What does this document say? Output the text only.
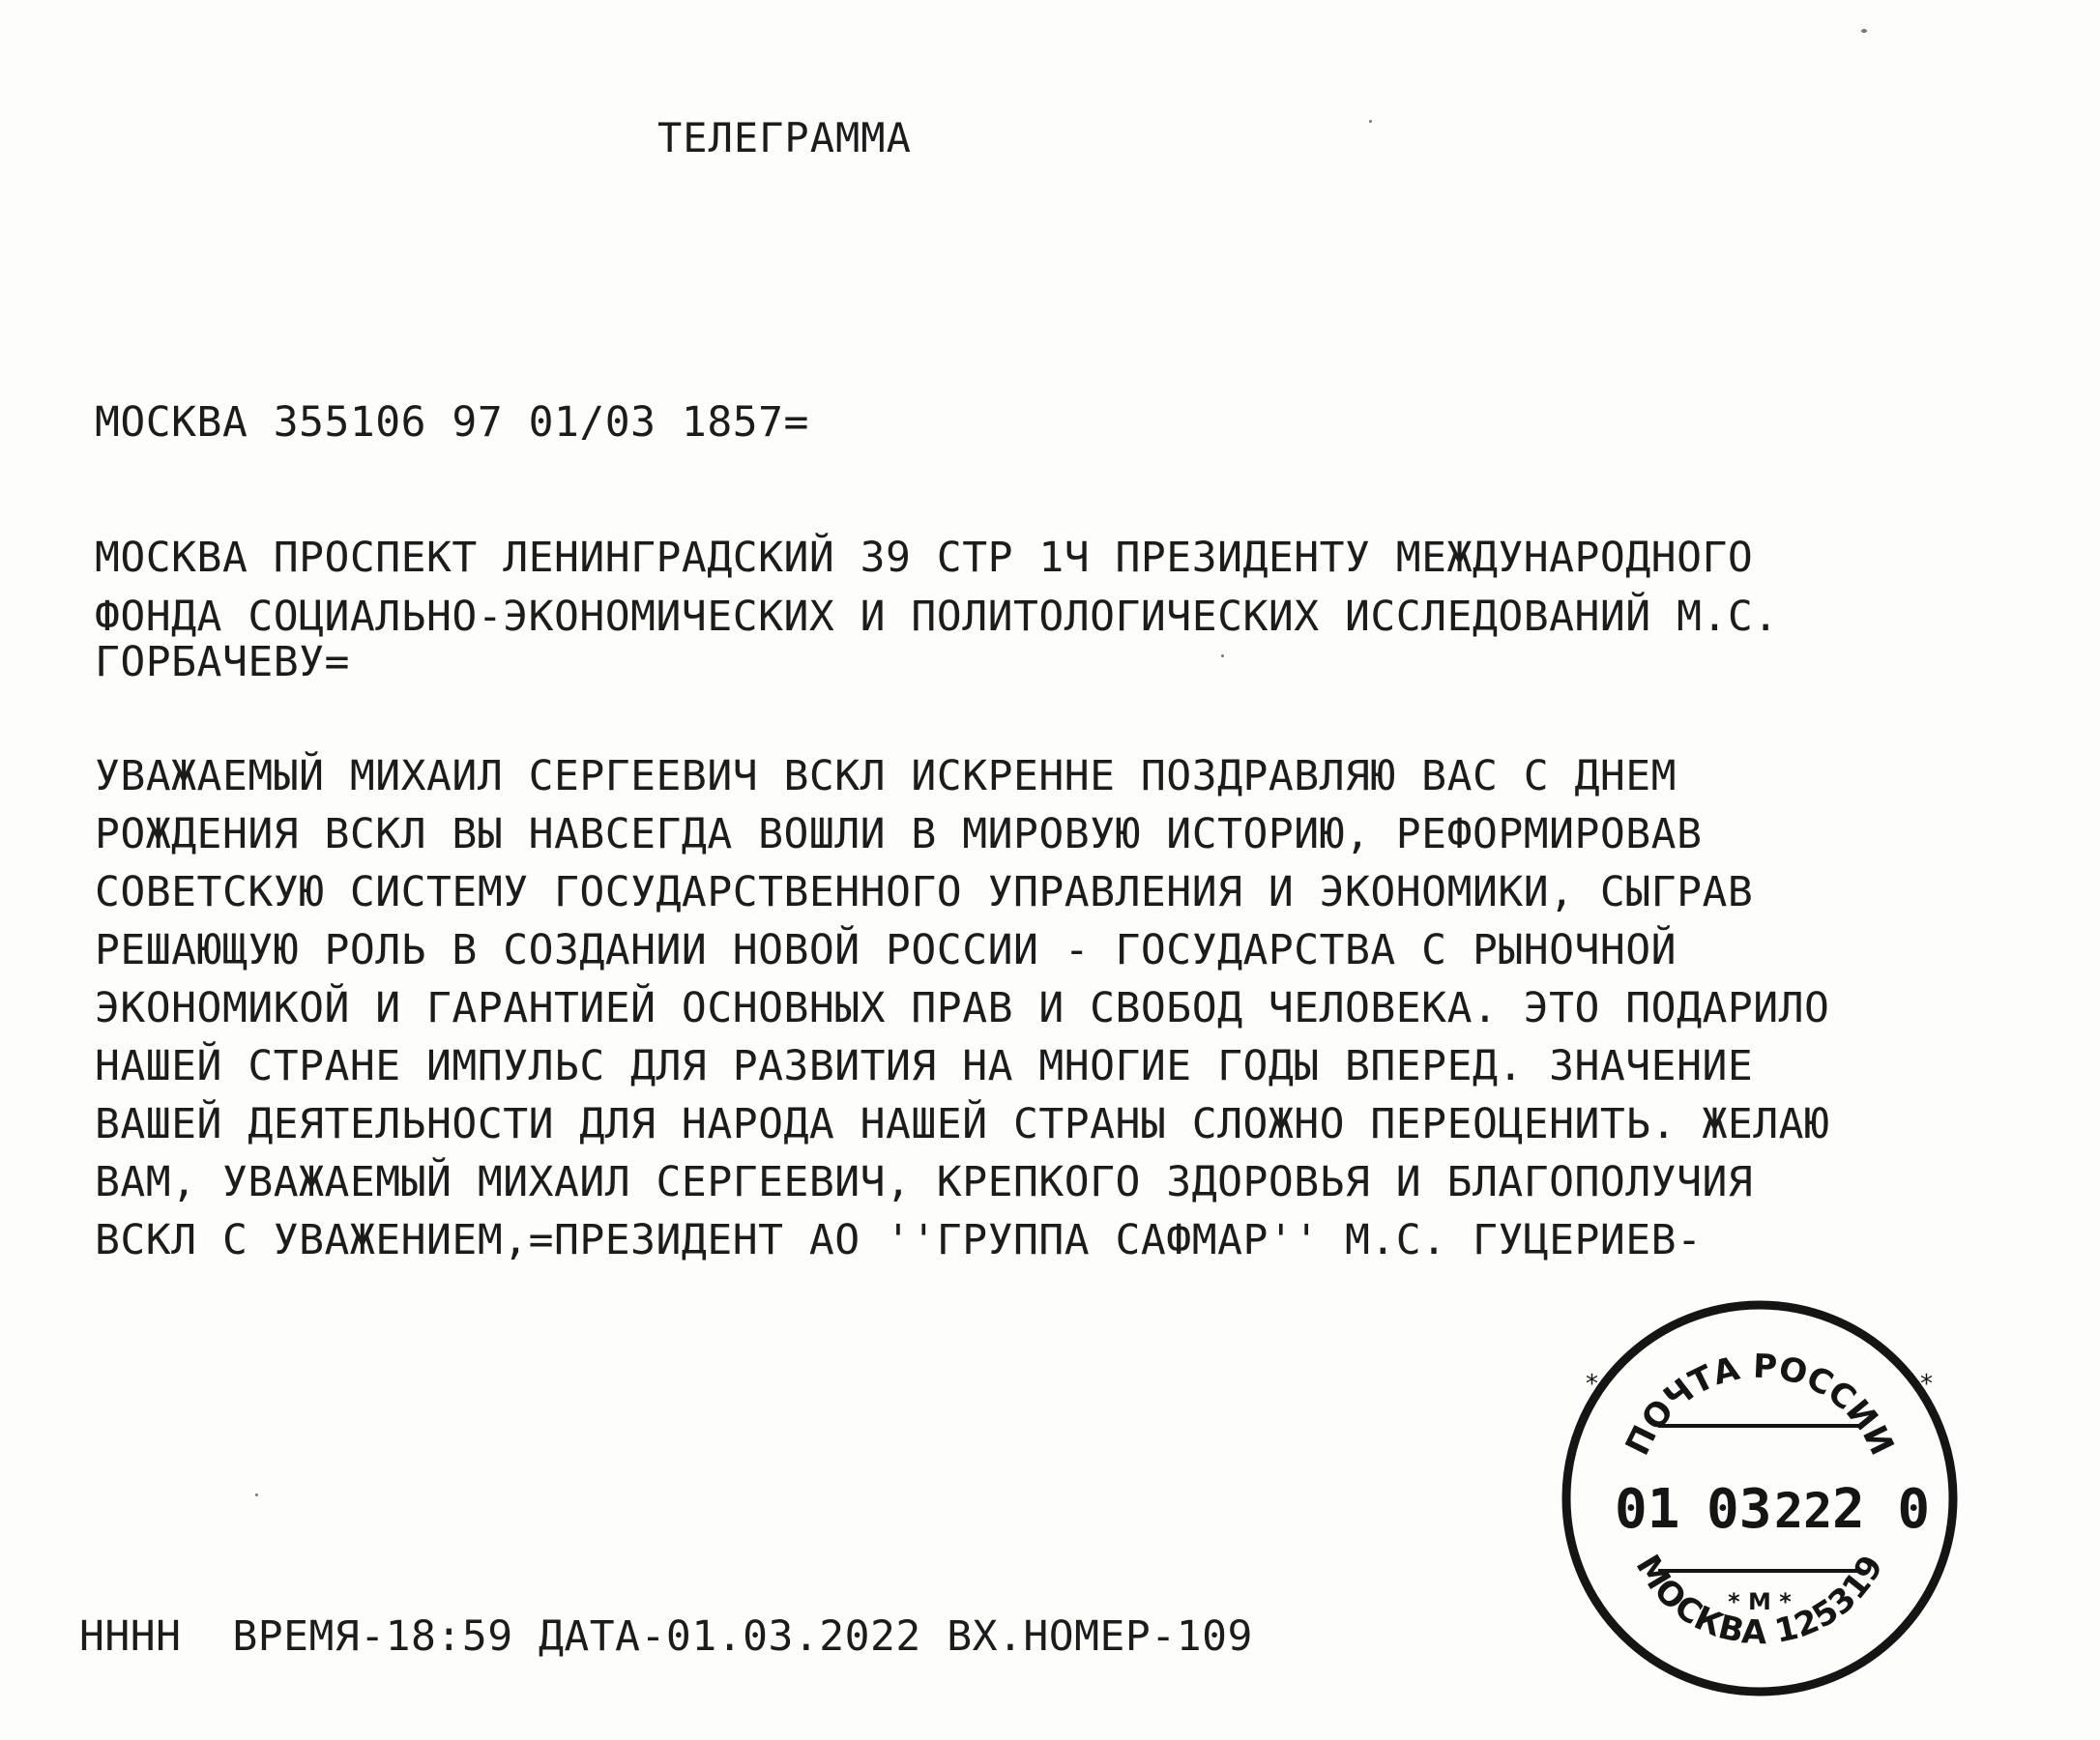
ТЕЛЕГРАММА
МОСКВА 355106 97 01/03 1857=
МОСКВА ПРОСПЕКТ ЛЕНИНГРАДСКИЙ 39 СТР 1Ч ПРЕЗИДЕНТУ МЕЖДУНАРОДНОГО
ФОНДА СОЦИАЛЬНО-ЭКОНОМИЧЕСКИХ И ПОЛИТОЛОГИЧЕСКИХ ИССЛЕДОВАНИЙ М.С.
ГОРБАЧЕВУ=
УВАЖАЕМЫЙ МИХАИЛ СЕРГЕЕВИЧ ВСКЛ ИСКРЕННЕ ПОЗДРАВЛЯЮ ВАС С ДНЕМ
РОЖДЕНИЯ ВСКЛ ВЫ НАВСЕГДА ВОШЛИ В МИРОВУЮ ИСТОРИЮ, РЕФОРМИРОВАВ
СОВЕТСКУЮ СИСТЕМУ ГОСУДАРСТВЕННОГО УПРАВЛЕНИЯ И ЭКОНОМИКИ, СЫГРАВ
РЕШАЮЩУЮ РОЛЬ В СОЗДАНИИ НОВОЙ РОССИИ - ГОСУДАРСТВА С РЫНОЧНОЙ
ЭКОНОМИКОЙ И ГАРАНТИЕЙ ОСНОВНЫХ ПРАВ И СВОБОД ЧЕЛОВЕКА. ЭТО ПОДАРИЛО
НАШЕЙ СТРАНЕ ИМПУЛЬС ДЛЯ РАЗВИТИЯ НА МНОГИЕ ГОДЫ ВПЕРЕД. ЗНАЧЕНИЕ
ВАШЕЙ ДЕЯТЕЛЬНОСТИ ДЛЯ НАРОДА НАШЕЙ СТРАНЫ СЛОЖНО ПЕРЕОЦЕНИТЬ. ЖЕЛАЮ
ВАМ, УВАЖАЕМЫЙ МИХАИЛ СЕРГЕЕВИЧ, КРЕПКОГО ЗДОРОВЬЯ И БЛАГОПОЛУЧИЯ
ВСКЛ С УВАЖЕНИЕМ,=ПРЕЗИДЕНТ АО ''ГРУППА САФМАР'' М.С. ГУЦЕРИЕВ-
НННН  ВРЕМЯ-18:59 ДАТА-01.03.2022 ВХ.НОМЕР-109
ПОЧТА РОССИИ
МОСКВА 125319
*	*
01 03 22 2 0
* М *
